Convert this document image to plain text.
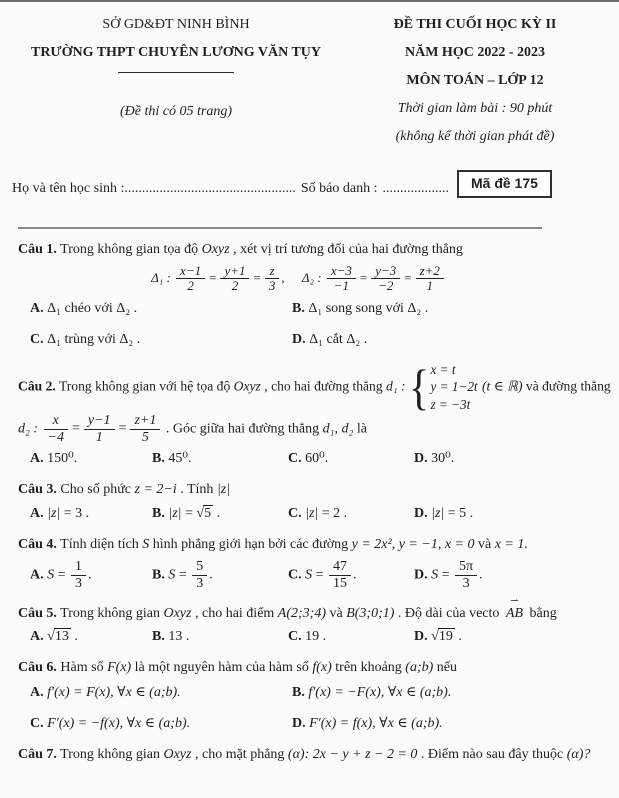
SỞ GD&ĐT NINH BÌNH
TRƯỜNG THPT CHUYÊN LƯƠNG VĂN TỤY
(Đề thi có 05 trang)
ĐỀ THI CUỐI HỌC KỲ II
NĂM HỌC 2022 - 2023
MÔN TOÁN – LỚP 12
Thời gian làm bài : 90 phút
(không kể thời gian phát đề)
Họ và tên học sinh : ................................................. Số báo danh : ...................	Mã đề 175
Câu 1. Trong không gian tọa độ Oxyz , xét vị trí tương đối của hai đường thẳng
Δ₁ : $\frac{x-1}{2} = \frac{y+1}{2} = \frac{z}{3}$ , Δ₂ : $\frac{x-3}{-1} = \frac{y-3}{-2} = \frac{z+2}{1}$
A. Δ₁ chéo với Δ₂ .	B. Δ₁ song song với Δ₂ .
C. Δ₁ trùng với Δ₂ .	D. Δ₁ cắt Δ₂ .
Câu 2. Trong không gian với hệ tọa độ Oxyz , cho hai đường thẳng d₁ : { x = t
y = 1−2t
z = −3t
(t ∈ ℝ) và đường thẳng
d₂ : $\frac{x}{-4} = \frac{y-1}{1} = \frac{z+1}{5}$ . Góc giữa hai đường thẳng d₁, d₂ là
A. 150⁰.	B. 45⁰.	C. 60⁰.	D. 30⁰.
Câu 3. Cho số phức z = 2−i . Tính |z|
A. |z| = 3 .	B. |z| = √5 .	C. |z| = 2 .	D. |z| = 5 .
Câu 4. Tính diện tích S hình phẳng giới hạn bởi các đường y = 2x², y = −1, x = 0 và x = 1.
A. $S = \frac{1}{3}$ .	B. $S = \frac{5}{3}$ .	C. $S = \frac{47}{15}$ .	D. $S = \frac{5\pi}{3}$ .
Câu 5. Trong không gian Oxyz , cho hai điểm A(2;3;4) và B(3;0;1) . Độ dài của vecto ⇀ AB bằng
A. √13 .	B. 13 .	C. 19 .	D. √19 .
Câu 6. Hàm số F(x) là một nguyên hàm của hàm số f(x) trên khoảng (a;b) nếu
A. f′(x) = F(x), ∀x ∈ (a;b).	B. f′(x) = −F(x), ∀x ∈ (a;b).
C. F′(x) = −f(x), ∀x ∈ (a;b).	D. F′(x) = f(x), ∀x ∈ (a;b).
Câu 7. Trong không gian Oxyz , cho mặt phẳng (α): 2x − y + z − 2 = 0 . Điểm nào sau đây thuộc (α)?
